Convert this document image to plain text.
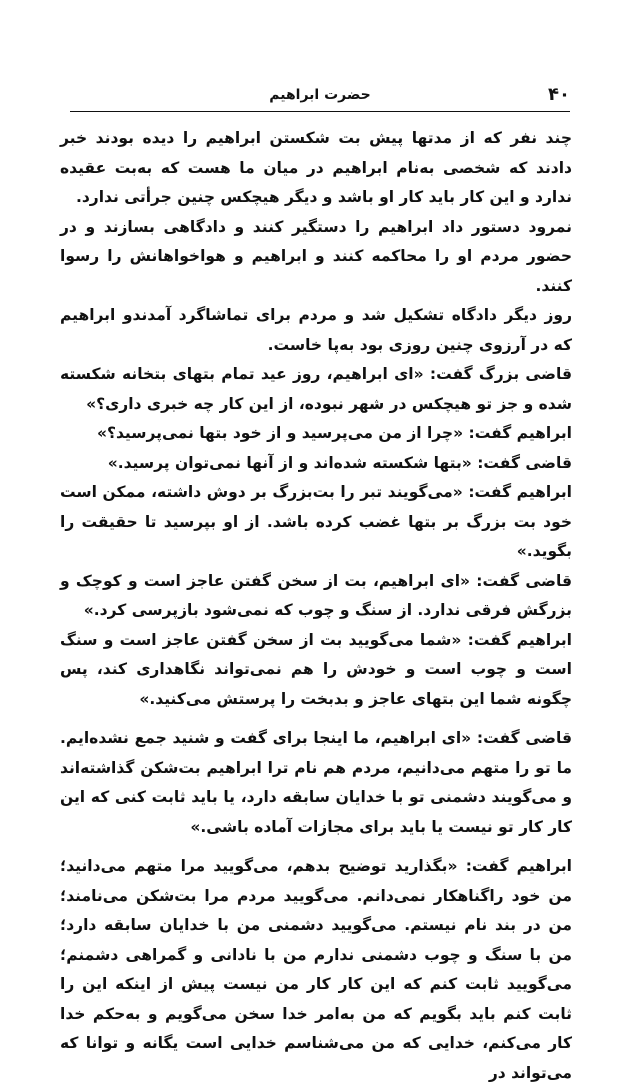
۴۰
حضرت ابراهیم

چند نفر که از مدتها پیش بت شکستن ابراهیم را دیده بودند خبر دادند که شخصی به‌نام ابراهیم در میان ما هست که به‌بت عقیده ندارد و این کار باید کار او باشد و دیگر هیچکس چنین جرأتی ندارد.

نمرود دستور داد ابراهیم را دستگیر کنند و دادگاهی بسازند و در حضور مردم او را محاکمه کنند و ابراهیم و هواخواهانش را رسوا کنند.

روز دیگر دادگاه تشکیل شد و مردم برای تماشاگرد آمدندو ابراهیم که در آرزوی چنین روزی بود به‌پا خاست.

قاضی بزرگ گفت: «ای ابراهیم، روز عید تمام بتهای بتخانه شکسته شده و جز تو هیچکس در شهر نبوده، از این کار چه خبری داری؟»

ابراهیم گفت: «چرا از من می‌پرسید و از خود بتها نمی‌پرسید؟»

قاضی گفت: «بتها شکسته شده‌اند و از آنها نمی‌توان پرسید.»

ابراهیم گفت: «می‌گویند تبر را بت‌بزرگ بر دوش داشته، ممکن است خود بت بزرگ بر بتها غضب کرده باشد. از او بپرسید تا حقیقت را بگوید.»

قاضی گفت: «ای ابراهیم، بت از سخن گفتن عاجز است و کوچک و بزرگش فرقی ندارد. از سنگ و چوب که نمی‌شود بازپرسی کرد.»

ابراهیم گفت: «شما می‌گویید بت از سخن گفتن عاجز است و سنگ است و چوب است و خودش را هم نمی‌تواند نگاهداری کند، پس چگونه شما این بتهای عاجز و بدبخت را پرستش می‌کنید.»

قاضی گفت: «ای ابراهیم، ما اینجا برای گفت و شنید جمع نشده‌ایم. ما تو را متهم می‌دانیم، مردم هم نام ترا ابراهیم بت‌شکن گذاشته‌اند و می‌گویند دشمنی تو با خدایان سابقه دارد، یا باید ثابت کنی که این کار کار تو نیست یا باید برای مجازات آماده باشی.»

ابراهیم گفت: «بگذارید توضیح بدهم، می‌گویید مرا متهم می‌دانید؛ من خود راگناهکار نمی‌دانم. می‌گویید مردم مرا بت‌شکن می‌نامند؛ من در بند نام نیستم. می‌گویید دشمنی من با خدایان سابقه دارد؛ من با سنگ و چوب دشمنی ندارم من با نادانی و گمراهی دشمنم؛ می‌گویید ثابت کنم که این کار کار من نیست پیش از اینکه این را ثابت کنم باید بگویم که من به‌امر خدا سخن می‌گویم و به‌حکم خدا کار می‌کنم، خدایی که من می‌شناسم خدایی است یگانه و توانا که می‌تواند در
